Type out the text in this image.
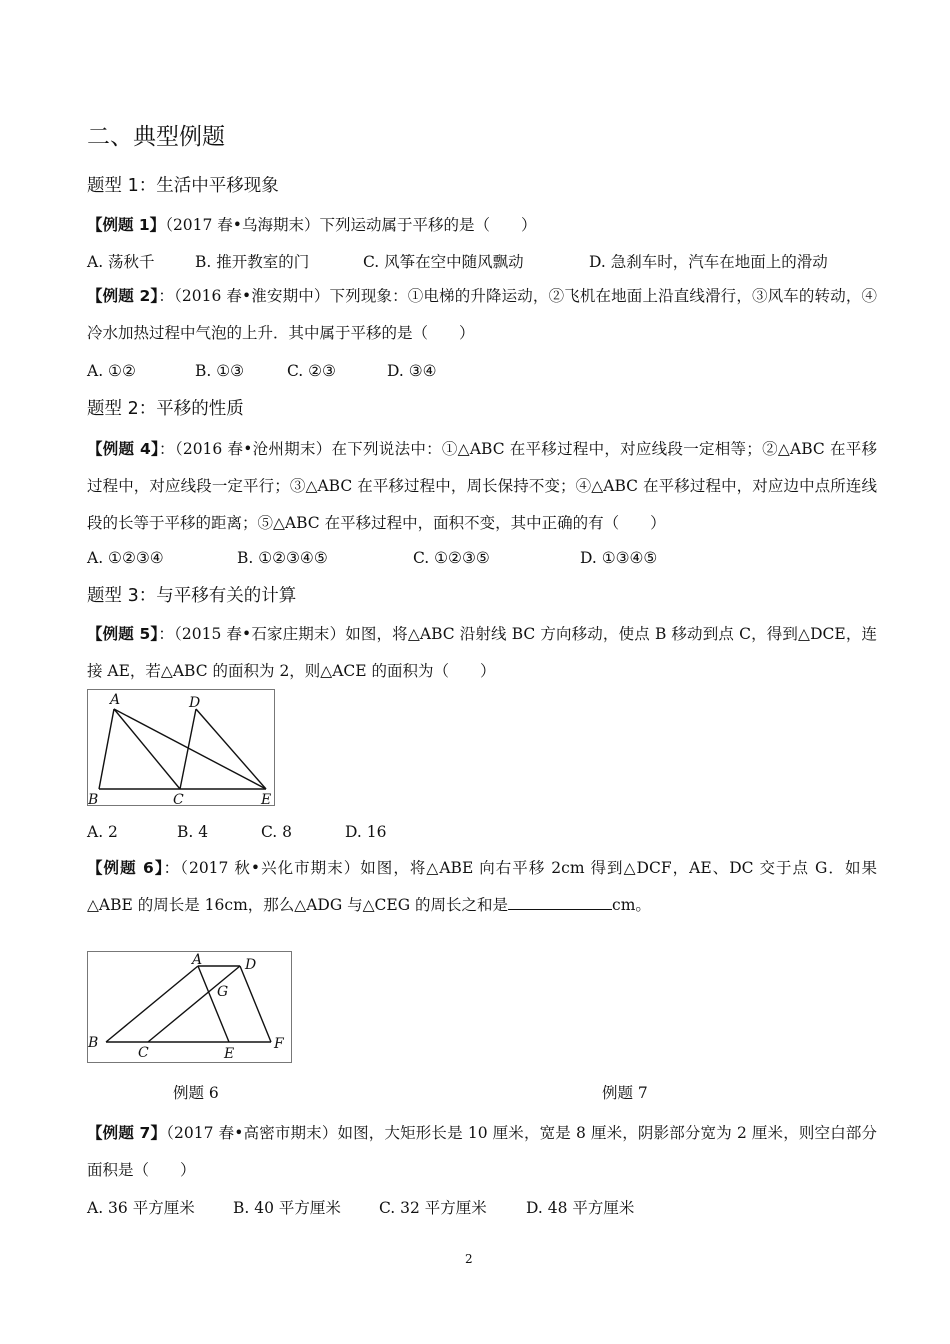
二、典型例题
题型 1：生活中平移现象
【例题 1】（2017 春•乌海期末）下列运动属于平移的是（　　）
A. 荡秋千	B. 推开教室的门	C. 风筝在空中随风飘动	D. 急刹车时，汽车在地面上的滑动
【例题 2】：（2016 春•淮安期中）下列现象：①电梯的升降运动，②飞机在地面上沿直线滑行，③风车的转动，④冷水加热过程中气泡的上升．其中属于平移的是（　　）
A. ①②	B. ①③	C. ②③	D. ③④
题型 2：平移的性质
【例题 4】：（2016 春•沧州期末）在下列说法中：①△ABC 在平移过程中，对应线段一定相等；②△ABC 在平移过程中，对应线段一定平行；③△ABC 在平移过程中，周长保持不变；④△ABC 在平移过程中，对应边中点所连线段的长等于平移的距离；⑤△ABC 在平移过程中，面积不变，其中正确的有（　　）
A. ①②③④	B. ①②③④⑤	C. ①②③⑤	D. ①③④⑤
题型 3：与平移有关的计算
【例题 5】：（2015 春•石家庄期末）如图，将△ABC 沿射线 BC 方向移动，使点 B 移动到点 C，得到△DCE，连接 AE，若△ABC 的面积为 2，则△ACE 的面积为（　　）
A	D
B	C	E
A. 2	B. 4	C. 8	D. 16
【例题 6】：（2017 秋•兴化市期末）如图，将△ABE 向右平移 2cm 得到△DCF，AE、DC 交于点 G．如果△ABE 的周长是 16cm，那么△ADG 与△CEG 的周长之和是	cm。
A	D
G
B
C	E
F
例题 6	例题 7
【例题 7】（2017 春•高密市期末）如图，大矩形长是 10 厘米，宽是 8 厘米，阴影部分宽为 2 厘米，则空白部分面积是（　　）
A. 36 平方厘米 B. 40 平方厘米 C. 32 平方厘米	D. 48 平方厘米
2
